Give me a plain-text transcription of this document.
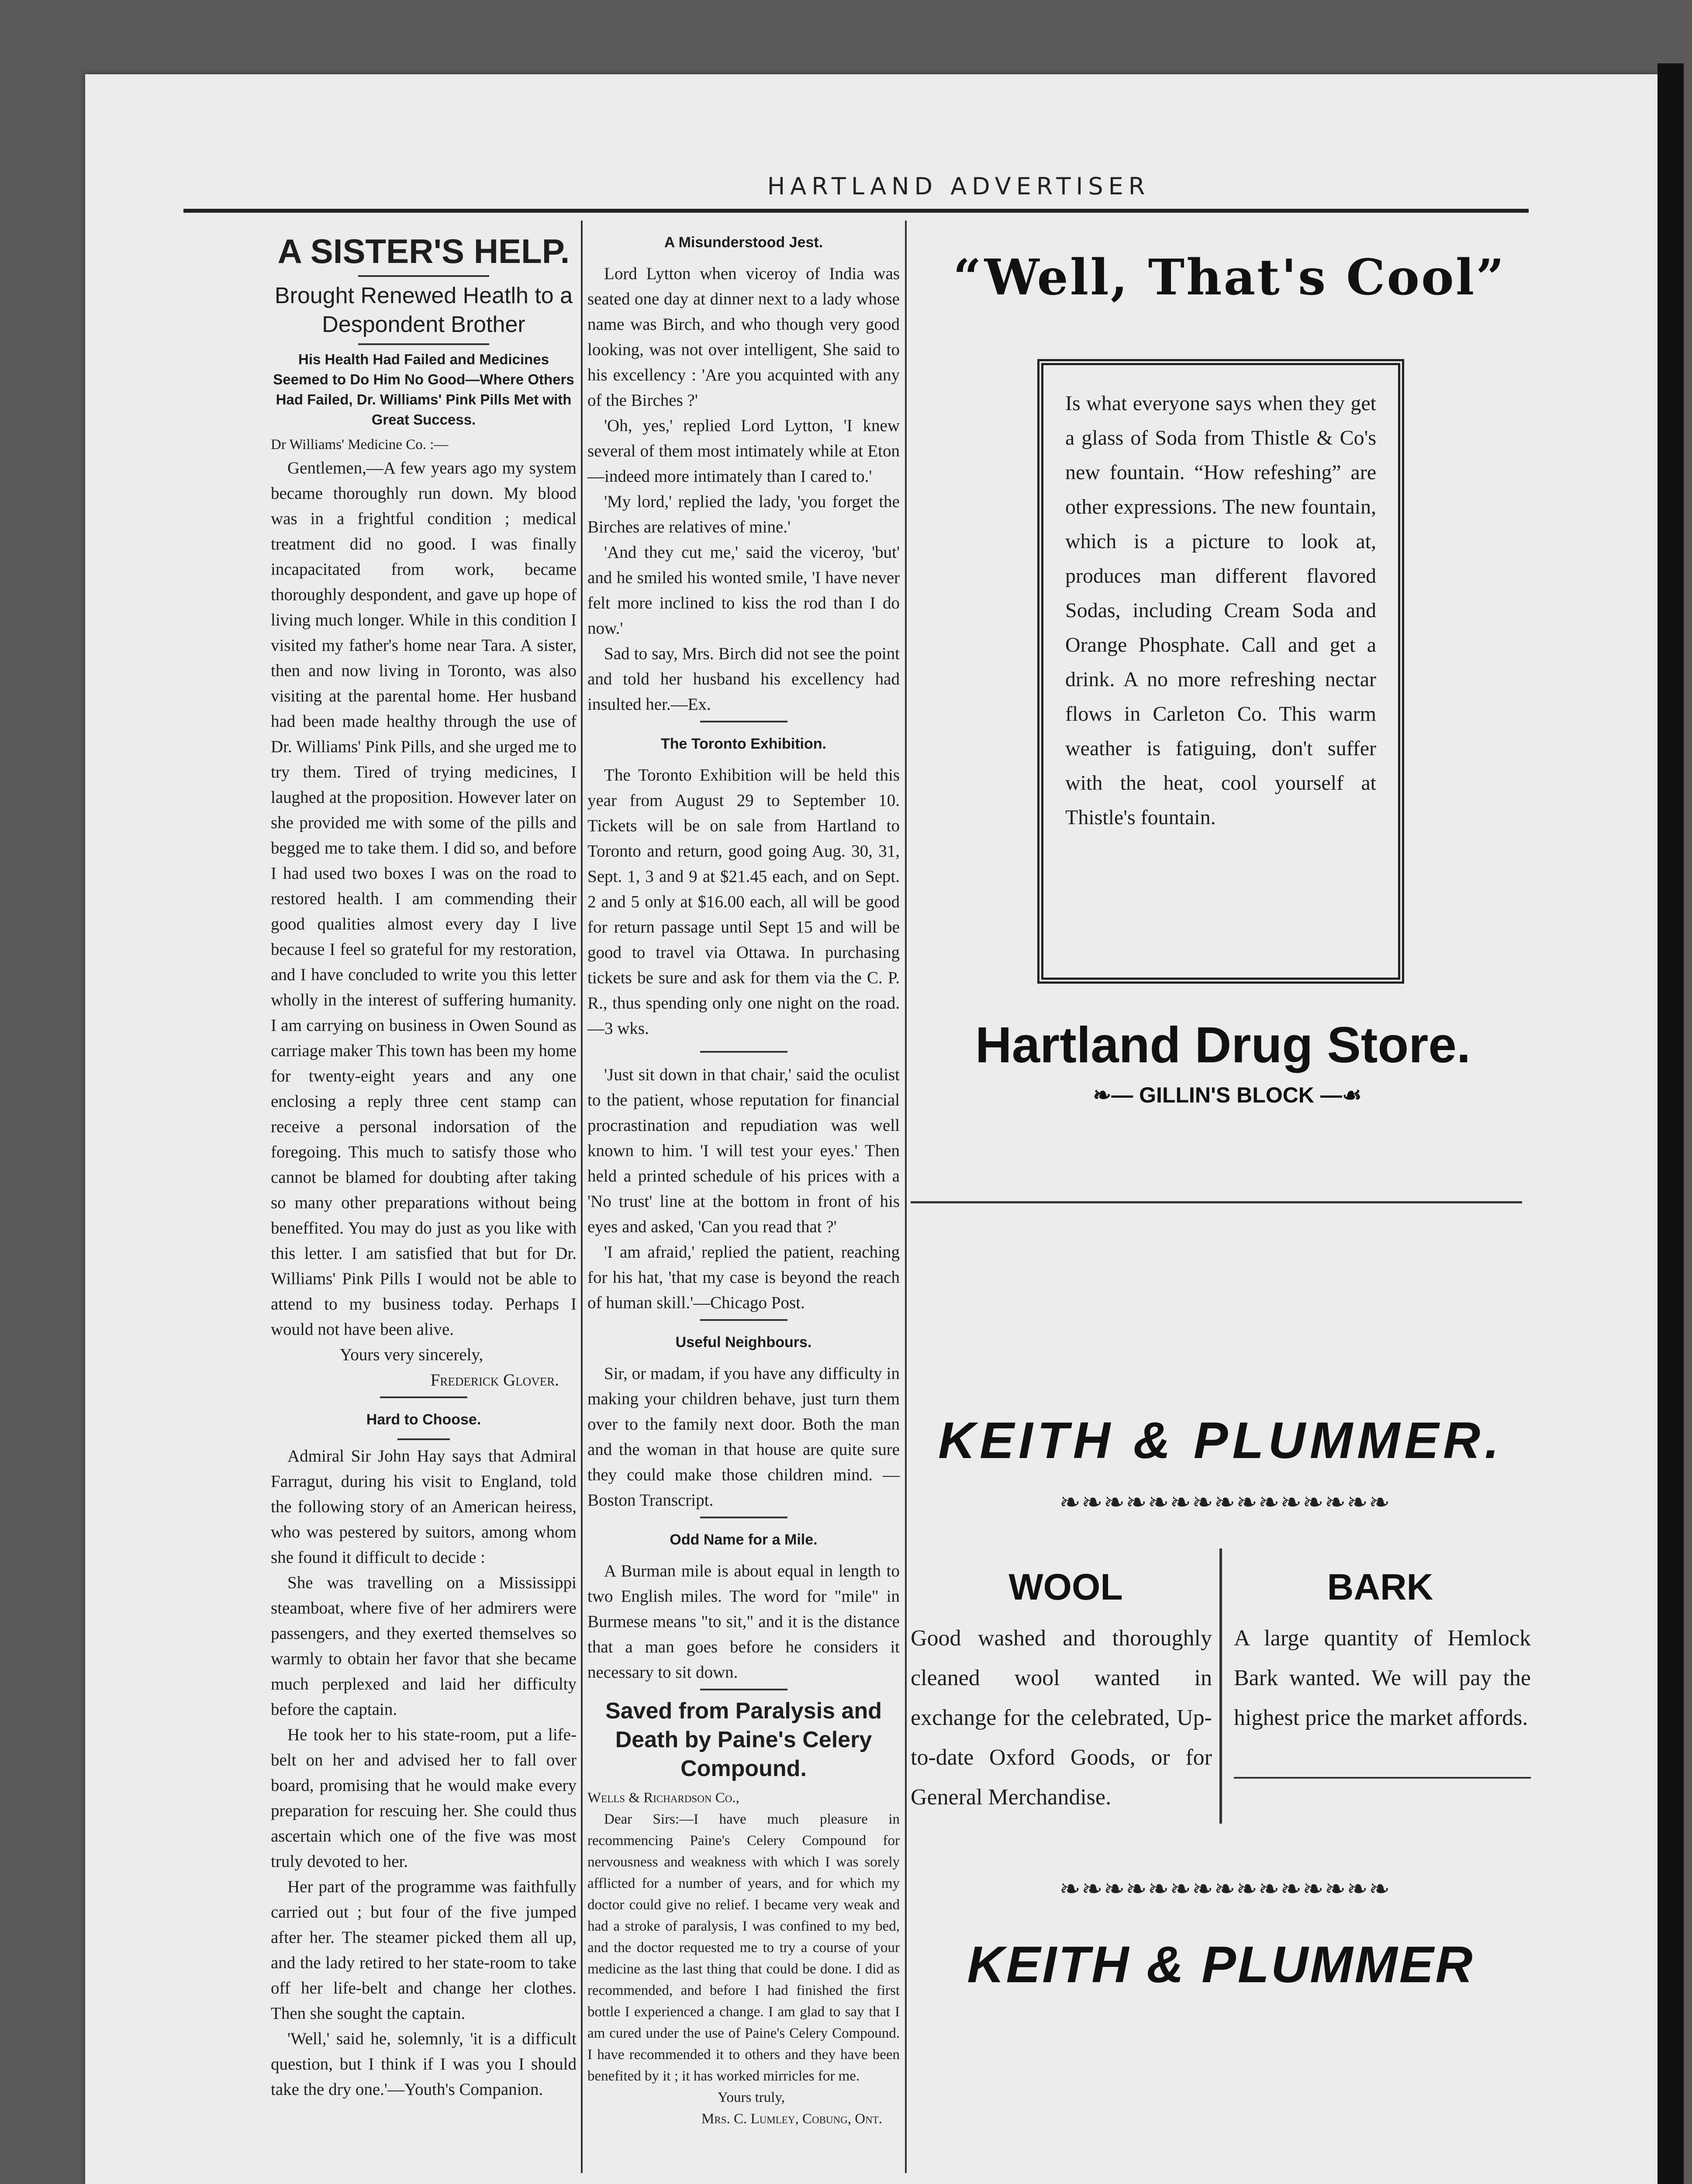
HARTLAND ADVERTISER
A SISTER'S HELP.
Brought Renewed Heatlh to a Despondent Brother
His Health Had Failed and Medicines Seemed to Do Him No Good—Where Others Had Failed, Dr. Williams' Pink Pills Met with Great Success.

Dr Williams' Medicine Co. :—

Gentlemen,—A few years ago my system became thoroughly run down. My blood was in a frightful condition ; medical treatment did no good. I was finally incapacitated from work, became thoroughly despondent, and gave up hope of living much longer. While in this condition I visited my father's home near Tara. A sister, then and now living in Toronto, was also visiting at the parental home. Her husband had been made healthy through the use of Dr. Williams' Pink Pills, and she urged me to try them. Tired of trying medicines, I laughed at the proposition. However later on she provided me with some of the pills and begged me to take them. I did so, and before I had used two boxes I was on the road to restored health. I am commending their good qualities almost every day I live because I feel so grateful for my restoration, and I have concluded to write you this letter wholly in the interest of suffering humanity. I am carrying on business in Owen Sound as carriage maker This town has been my home for twenty-eight years and any one enclosing a reply three cent stamp can receive a personal indorsation of the foregoing. This much to satisfy those who cannot be blamed for doubting after taking so many other preparations without being beneffited. You may do just as you like with this letter. I am satisfied that but for Dr. Williams' Pink Pills I would not be able to attend to my business today. Perhaps I would not have been alive.

Yours very sincerely,

Frederick Glover.

Hard to Choose.

Admiral Sir John Hay says that Admiral Farragut, during his visit to England, told the following story of an American heiress, who was pestered by suitors, among whom she found it difficult to decide :

She was travelling on a Mississippi steamboat, where five of her admirers were passengers, and they exerted themselves so warmly to obtain her favor that she became much perplexed and laid her difficulty before the captain.

He took her to his state-room, put a life-belt on her and advised her to fall over board, promising that he would make every preparation for rescuing her. She could thus ascertain which one of the five was most truly devoted to her.

Her part of the programme was faithfully carried out ; but four of the five jumped after her. The steamer picked them all up, and the lady retired to her state-room to take off her life-belt and change her clothes. Then she sought the captain.

'Well,' said he, solemnly, 'it is a difficult question, but I think if I was you I should take the dry one.'—Youth's Companion.

A Misunderstood Jest.

Lord Lytton when viceroy of India was seated one day at dinner next to a lady whose name was Birch, and who though very good looking, was not over intelligent, She said to his excellency : 'Are you acquinted with any of the Birches ?'

'Oh, yes,' replied Lord Lytton, 'I knew several of them most intimately while at Eton—indeed more intimately than I cared to.'

'My lord,' replied the lady, 'you forget the Birches are relatives of mine.'

'And they cut me,' said the viceroy, 'but' and he smiled his wonted smile, 'I have never felt more inclined to kiss the rod than I do now.'

Sad to say, Mrs. Birch did not see the point and told her husband his excellency had insulted her.—Ex.

The Toronto Exhibition.

The Toronto Exhibition will be held this year from August 29 to September 10. Tickets will be on sale from Hartland to Toronto and return, good going Aug. 30, 31, Sept. 1, 3 and 9 at $21.45 each, and on Sept. 2 and 5 only at $16.00 each, all will be good for return passage until Sept 15 and will be good to travel via Ottawa. In purchasing tickets be sure and ask for them via the C. P. R., thus spending only one night on the road.—3 wks.

'Just sit down in that chair,' said the oculist to the patient, whose reputation for financial procrastination and repudiation was well known to him. 'I will test your eyes.' Then held a printed schedule of his prices with a 'No trust' line at the bottom in front of his eyes and asked, 'Can you read that ?'

'I am afraid,' replied the patient, reaching for his hat, 'that my case is beyond the reach of human skill.'—Chicago Post.

Useful Neighbours.

Sir, or madam, if you have any difficulty in making your children behave, just turn them over to the family next door. Both the man and the woman in that house are quite sure they could make those children mind. — Boston Transcript.

Odd Name for a Mile.

A Burman mile is about equal in length to two English miles. The word for "mile" in Burmese means "to sit," and it is the distance that a man goes before he considers it necessary to sit down.

Saved from Paralysis and Death by Paine's Celery Compound.

Wells & Richardson Co.,

Dear Sirs:—I have much pleasure in recommencing Paine's Celery Compound for nervousness and weakness with which I was sorely afflicted for a number of years, and for which my doctor could give no relief. I became very weak and had a stroke of paralysis, I was confined to my bed, and the doctor requested me to try a course of your medicine as the last thing that could be done. I did as recommended, and before I had finished the first bottle I experienced a change. I am glad to say that I am cured under the use of Paine's Celery Compound. I have recommended it to others and they have been benefited by it ; it has worked mirricles for me.

Yours truly,

Mrs. C. Lumley, Cobung, Ont.

“Well, That's Cool”
Is what everyone says when they get a glass of Soda from Thistle & Co's new fountain. “How refeshing” are other expressions. The new fountain, which is a picture to look at, produces man different flavored Sodas, including Cream Soda and Orange Phosphate. Call and get a drink. A no more refreshing nectar flows in Carleton Co. This warm weather is fatiguing, don't suffer with the heat, cool yourself at Thistle's fountain.
Hartland Drug Store.
❧— GILLIN'S BLOCK —☙
KEITH & PLUMMER.
❧❧❧❧❧❧❧❧❧❧❧❧❧❧❧
WOOL
Good washed and thoroughly cleaned wool wanted in exchange for the celebrated, Up-to-date Oxford Goods, or for General Merchandise.
BARK
A large quantity of Hemlock Bark wanted. We will pay the highest price the market affords.
❧❧❧❧❧❧❧❧❧❧❧❧❧❧❧
KEITH & PLUMMER
